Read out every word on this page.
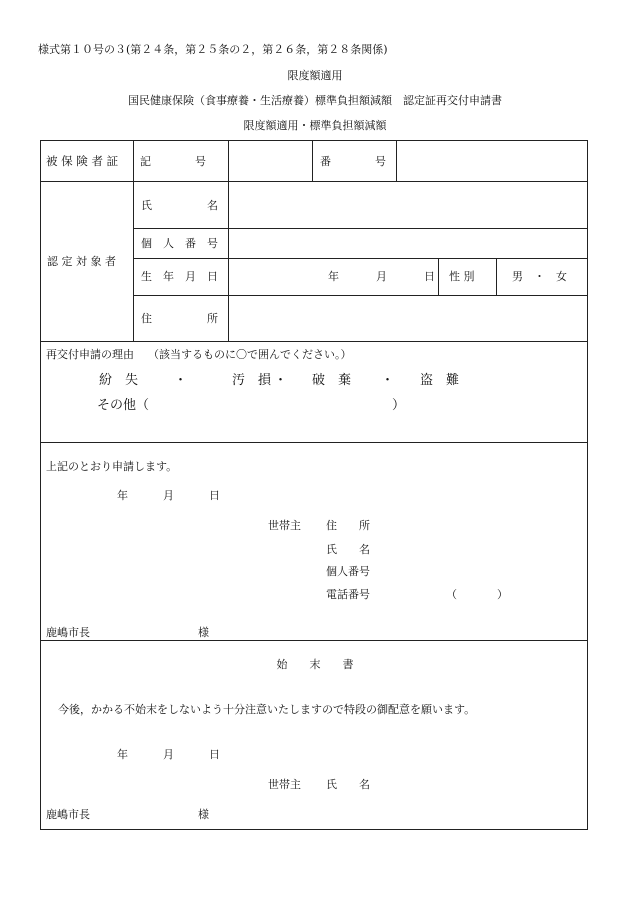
様式第１０号の３(第２４条，第２５条の２，第２６条，第２８条関係)
限度額適用
国民健康保険（食事療養・生活療養）標準負担額減額　認定証再交付申請書
限度額適用・標準負担額減額
被 保 険 者 証 記　　　　号	番　　　　号
認 定 対 象 者
氏　　　　　名
個　人　番　号
生　年　月　日	年	月	日 性 別	男　・　女
住　　　　　所
再交付申請の理由 （該当するものに〇で囲んでください。）
紛　失	・	汚　損 ・ 破　棄 ・ 盗　難
その他（	）
上記のとおり申請します。
年	月	日
世帯主 住　　所
氏　　名
個人番号
電話番号	（	）
鹿嶋市長	様
始　　末　　書
今後，かかる不始末をしないよう十分注意いたしますので特段の御配意を願います。
年	月	日
世帯主 氏　　名
鹿嶋市長	様
